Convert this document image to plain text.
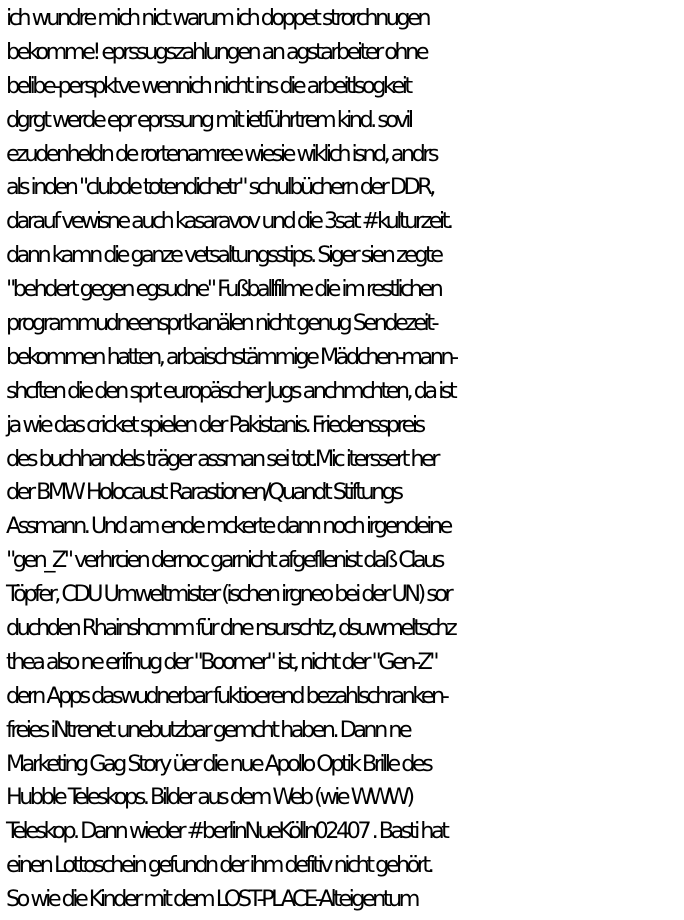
ich wundre mich nict warum ich doppet strorchnugen
bekomme! eprssugszahlungen an agstarbeiter ohne
belibe-perspktve wennich nicht ins die arbeitlsogkeit
dgrgt werde epr eprssung mit ietführtrem kind. sovil
ezudenheldn de rortenamree wiesie wiklich isnd, andrs
als inden "clubde totendichetr" schulbüchern der DDR,
darauf vewisne auch kasaravov und die 3sat #kulturzeit.
dann kamn die ganze vetsaltungsstips. Siger sien zegte
"behdert gegen egsudne" Fußballfilme die im restlichen
programmudneensprtkanälen nicht genug Sendezeit-
bekommen hatten, arbaischstämmige Mädchen-mann-
shcften die den sprt europäscher Jugs anchmchten, da ist
ja wie das cricket spielen der Pakistanis. Friedensspreis
des buchhandels träger assman sei tot.Mic iterssert her
der BMW Holocaust Rarastionen/Quandt Stiftungs
Assmann. Und am ende mckerte dann noch irgendeine
"gen_Z" verhrcien dernoc garnicht afgefllenist daß Claus
Töpfer, CDU Umweltmister (ischen irgneo bei der UN) sor
duchden Rhainshcmm für dne nsurschtz, dsuwmeltschz
thea also ne erifnug der "Boomer" ist, nicht der "Gen-Z"
dern Apps daswudnerbar fuktioerend bezahlschranken-
freies iNtrenet unebutzbar gemcht haben. Dann ne
Marketing Gag Story üer die nue Apollo Optik Brille des
Hubble Teleskops. Bilder aus dem Web (wie WWW)
Teleskop. Dann wieder #berlinNueKölln02407 . Basti hat
einen Lottoschein gefundn der ihm defitiv nicht gehört.
So wie die Kinder mit dem LOST-PLACE-Alteigentum
